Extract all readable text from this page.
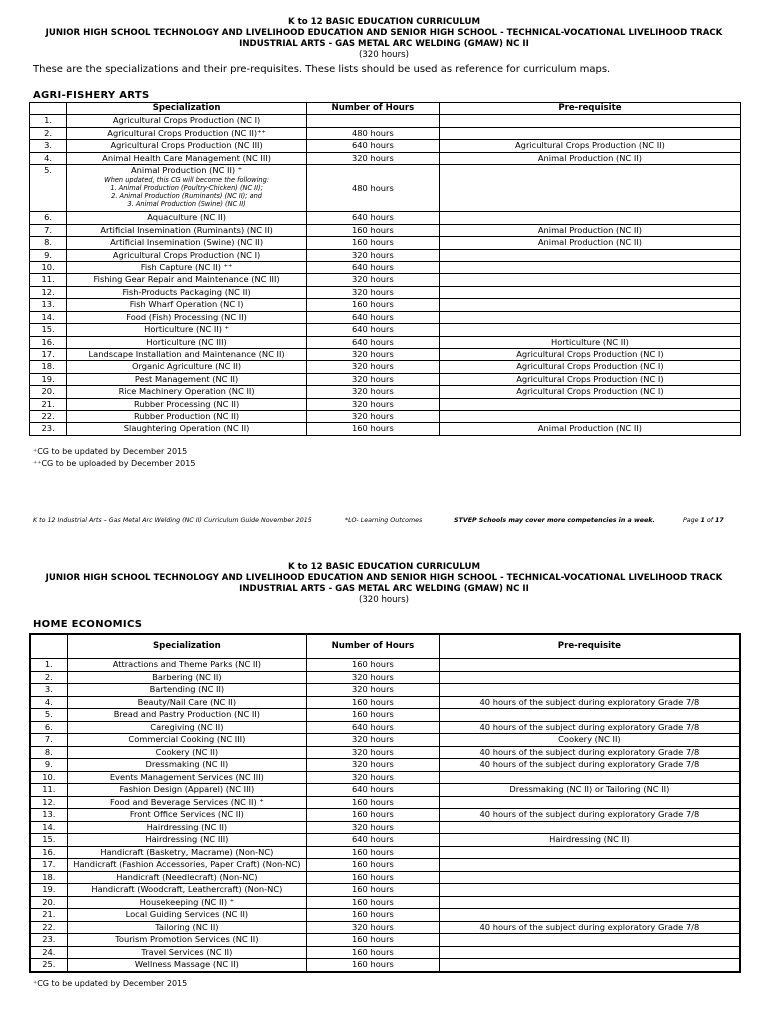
K to 12 BASIC EDUCATION CURRICULUM
JUNIOR HIGH SCHOOL TECHNOLOGY AND LIVELIHOOD EDUCATION AND SENIOR HIGH SCHOOL - TECHNICAL-VOCATIONAL LIVELIHOOD TRACK
INDUSTRIAL ARTS - GAS METAL ARC WELDING (GMAW) NC II
(320 hours)
These are the specializations and their pre-requisites. These lists should be used as reference for curriculum maps.
AGRI-FISHERY ARTS
	Specialization	Number of Hours	Pre-requisite
1.	Agricultural Crops Production (NC I)		
2.	Agricultural Crops Production (NC II)⁺⁺	480 hours	
3.	Agricultural Crops Production (NC III)	640 hours	Agricultural Crops Production (NC II)
4.	Animal Health Care Management (NC III)	320 hours	Animal Production (NC II)
5.	Animal Production (NC II) ⁺
When updated, this CG will become the following:
1. Animal Production (Poultry-Chicken) (NC II);
2. Animal Production (Ruminants) (NC II); and
3. Animal Production (Swine) (NC II)	480 hours	
6.	Aquaculture (NC II)	640 hours	
7.	Artificial Insemination (Ruminants) (NC II)	160 hours	Animal Production (NC II)
8.	Artificial Insemination (Swine) (NC II)	160 hours	Animal Production (NC II)
9.	Agricultural Crops Production (NC I)	320 hours	
10.	Fish Capture (NC II) ⁺⁺	640 hours	
11.	Fishing Gear Repair and Maintenance (NC III)	320 hours	
12.	Fish-Products Packaging (NC II)	320 hours	
13.	Fish Wharf Operation (NC I)	160 hours	
14.	Food (Fish) Processing (NC II)	640 hours	
15.	Horticulture (NC II) ⁺	640 hours	
16.	Horticulture (NC III)	640 hours	Horticulture (NC II)
17.	Landscape Installation and Maintenance (NC II)	320 hours	Agricultural Crops Production (NC I)
18.	Organic Agriculture (NC II)	320 hours	Agricultural Crops Production (NC I)
19.	Pest Management (NC II)	320 hours	Agricultural Crops Production (NC I)
20.	Rice Machinery Operation (NC II)	320 hours	Agricultural Crops Production (NC I)
21.	Rubber Processing (NC II)	320 hours	
22.	Rubber Production (NC II)	320 hours	
23.	Slaughtering Operation (NC II)	160 hours	Animal Production (NC II)
⁺CG to be updated by December 2015
⁺⁺CG to be uploaded by December 2015
K to 12 Industrial Arts – Gas Metal Arc Welding (NC II) Curriculum Guide November 2015	*LO- Learning Outcomes	STVEP Schools may cover more competencies in a week.	Page 1 of 17
K to 12 BASIC EDUCATION CURRICULUM
JUNIOR HIGH SCHOOL TECHNOLOGY AND LIVELIHOOD EDUCATION AND SENIOR HIGH SCHOOL - TECHNICAL-VOCATIONAL LIVELIHOOD TRACK
INDUSTRIAL ARTS - GAS METAL ARC WELDING (GMAW) NC II
(320 hours)
HOME ECONOMICS
	Specialization	Number of Hours	Pre-requisite
1.	Attractions and Theme Parks (NC II)	160 hours	
2.	Barbering (NC II)	320 hours	
3.	Bartending (NC II)	320 hours	
4.	Beauty/Nail Care (NC II)	160 hours	40 hours of the subject during exploratory Grade 7/8
5.	Bread and Pastry Production (NC II)	160 hours	
6.	Caregiving (NC II)	640 hours	40 hours of the subject during exploratory Grade 7/8
7.	Commercial Cooking (NC III)	320 hours	Cookery (NC II)
8.	Cookery (NC II)	320 hours	40 hours of the subject during exploratory Grade 7/8
9.	Dressmaking (NC II)	320 hours	40 hours of the subject during exploratory Grade 7/8
10.	Events Management Services (NC III)	320 hours	
11.	Fashion Design (Apparel) (NC III)	640 hours	Dressmaking (NC II) or Tailoring (NC II)
12.	Food and Beverage Services (NC II) ⁺	160 hours	
13.	Front Office Services (NC II)	160 hours	40 hours of the subject during exploratory Grade 7/8
14.	Hairdressing (NC II)	320 hours	
15.	Hairdressing (NC III)	640 hours	Hairdressing (NC II)
16.	Handicraft (Basketry, Macrame) (Non-NC)	160 hours	
17.	Handicraft (Fashion Accessories, Paper Craft) (Non-NC)	160 hours	
18.	Handicraft (Needlecraft) (Non-NC)	160 hours	
19.	Handicraft (Woodcraft, Leathercraft) (Non-NC)	160 hours	
20.	Housekeeping (NC II) ⁺	160 hours	
21.	Local Guiding Services (NC II)	160 hours	
22.	Tailoring (NC II)	320 hours	40 hours of the subject during exploratory Grade 7/8
23.	Tourism Promotion Services (NC II)	160 hours	
24.	Travel Services (NC II)	160 hours	
25.	Wellness Massage (NC II)	160 hours	
⁺CG to be updated by December 2015
